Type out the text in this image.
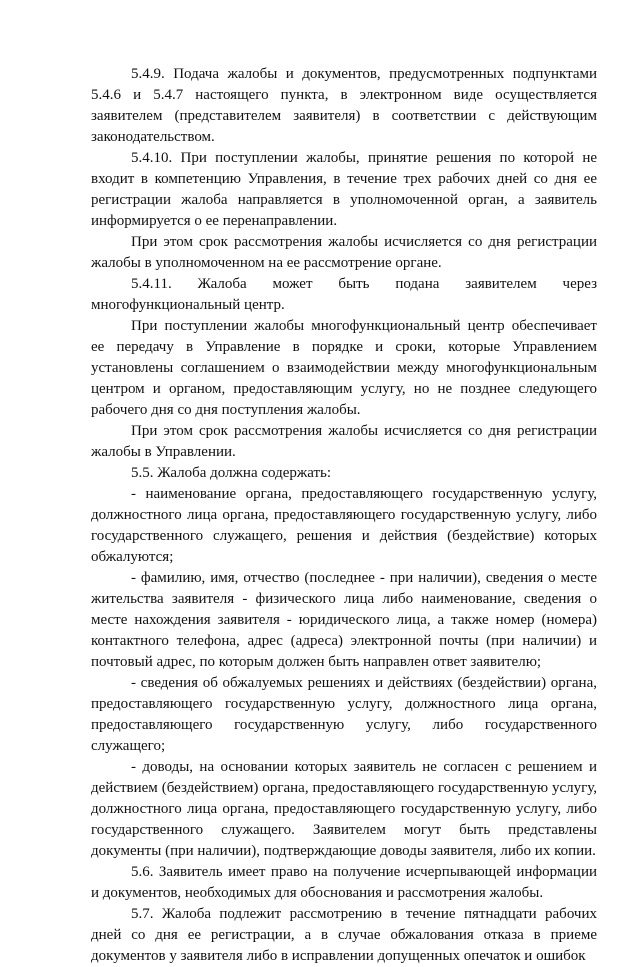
5.4.9. Подача жалобы и документов, предусмотренных подпунктами 5.4.6 и 5.4.7 настоящего пункта, в электронном виде осуществляется заявителем (представителем заявителя) в соответствии с действующим законодательством.

5.4.10. При поступлении жалобы, принятие решения по которой не входит в компетенцию Управления, в течение трех рабочих дней со дня ее регистрации жалоба направляется в уполномоченной орган, а заявитель информируется о ее перенаправлении.

При этом срок рассмотрения жалобы исчисляется со дня регистрации жалобы в уполномоченном на ее рассмотрение органе.

5.4.11. Жалоба может быть подана заявителем через многофункциональный центр.

При поступлении жалобы многофункциональный центр обеспечивает ее передачу в Управление в порядке и сроки, которые Управлением установлены соглашением о взаимодействии между многофункциональным центром и органом, предоставляющим услугу, но не позднее следующего рабочего дня со дня поступления жалобы.

При этом срок рассмотрения жалобы исчисляется со дня регистрации жалобы в Управлении.

5.5. Жалоба должна содержать:

- наименование органа, предоставляющего государственную услугу, должностного лица органа, предоставляющего государственную услугу, либо государственного служащего, решения и действия (бездействие) которых обжалуются;

- фамилию, имя, отчество (последнее - при наличии), сведения о месте жительства заявителя - физического лица либо наименование, сведения о месте нахождения заявителя - юридического лица, а также номер (номера) контактного телефона, адрес (адреса) электронной почты (при наличии) и почтовый адрес, по которым должен быть направлен ответ заявителю;

- сведения об обжалуемых решениях и действиях (бездействии) органа, предоставляющего государственную услугу, должностного лица органа, предоставляющего государственную услугу, либо государственного служащего;

- доводы, на основании которых заявитель не согласен с решением и действием (бездействием) органа, предоставляющего государственную услугу, должностного лица органа, предоставляющего государственную услугу, либо государственного служащего. Заявителем могут быть представлены документы (при наличии), подтверждающие доводы заявителя, либо их копии.

5.6. Заявитель имеет право на получение исчерпывающей информации и документов, необходимых для обоснования и рассмотрения жалобы.

5.7. Жалоба подлежит рассмотрению в течение пятнадцати рабочих дней со дня ее регистрации, а в случае обжалования отказа в приеме документов у заявителя либо в исправлении допущенных опечаток и ошибок
